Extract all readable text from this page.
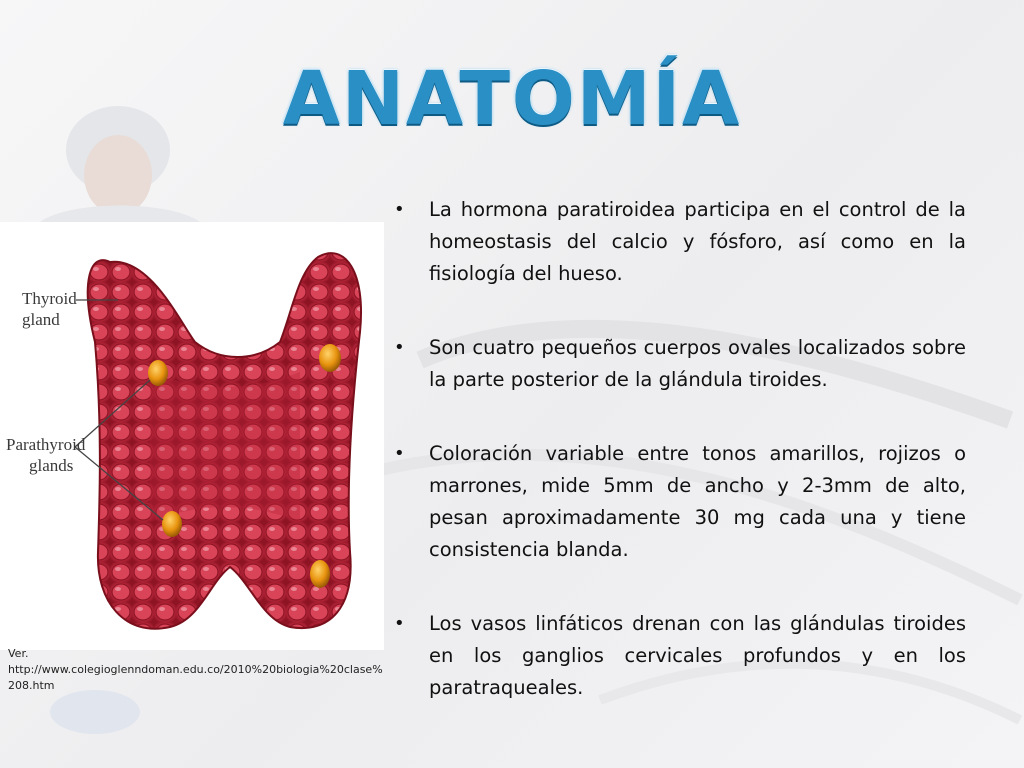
ANATOMÍA
Thyroid
gland
Parathyroid
glands
Ver.
http://www.colegioglenndoman.edu.co/2010%20biologia%20clase%208.htm
•	La hormona paratiroidea participa en el control de la homeostasis del calcio y fósforo, así como en la fisiología del hueso.
•	Son cuatro pequeños cuerpos ovales localizados sobre la parte posterior de la glándula tiroides.
•	Coloración variable entre tonos amarillos, rojizos o marrones, mide 5mm de ancho y 2-3mm de alto, pesan aproximadamente 30 mg cada una y tiene consistencia blanda.
•	Los vasos linfáticos drenan con las glándulas tiroides en los ganglios cervicales profundos y en los paratraqueales.
